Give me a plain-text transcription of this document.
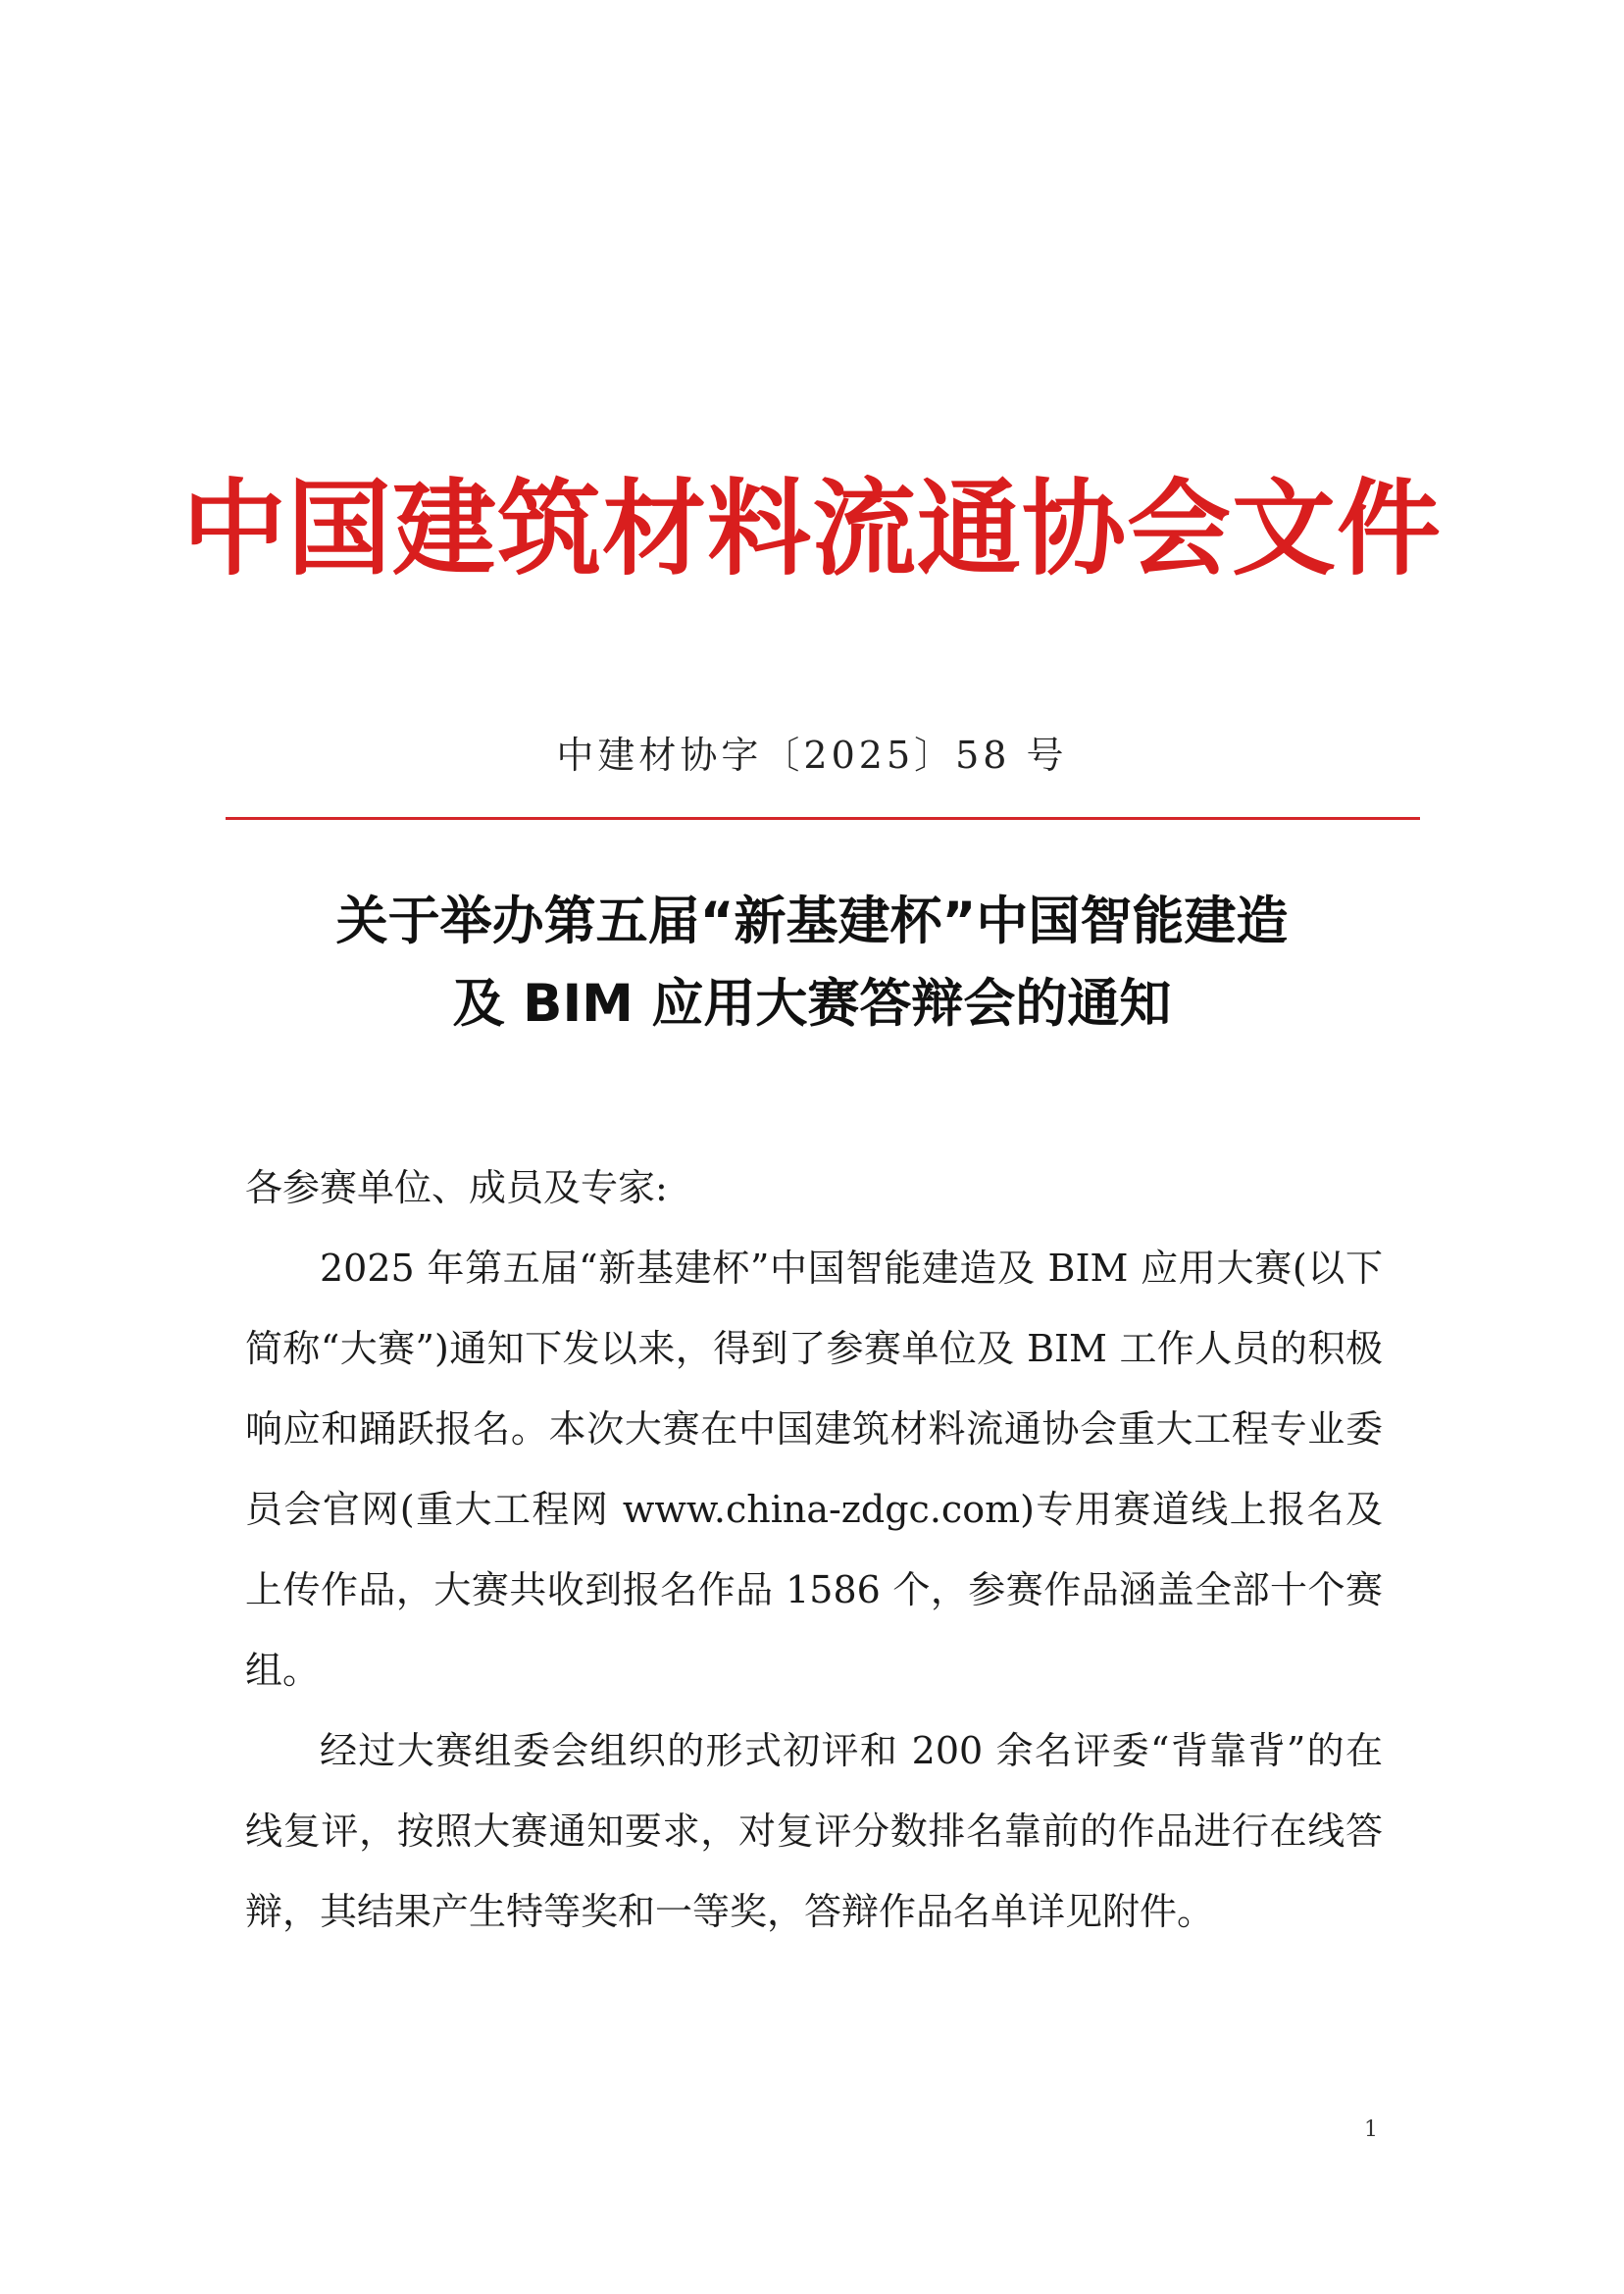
中国建筑材料流通协会文件
中建材协字〔2025〕58 号
关于举办第五届“新基建杯”中国智能建造
及 BIM 应用大赛答辩会的通知

各参赛单位、成员及专家:

2025 年第五届“新基建杯”中国智能建造及 BIM 应用大赛(以下简称“大赛”)通知下发以来，得到了参赛单位及 BIM 工作人员的积极响应和踊跃报名。本次大赛在中国建筑材料流通协会重大工程专业委员会官网(重大工程网 www.china-zdgc.com)专用赛道线上报名及上传作品，大赛共收到报名作品 1586 个，参赛作品涵盖全部十个赛组。

经过大赛组委会组织的形式初评和 200 余名评委“背靠背”的在线复评，按照大赛通知要求，对复评分数排名靠前的作品进行在线答辩，其结果产生特等奖和一等奖，答辩作品名单详见附件。

1
